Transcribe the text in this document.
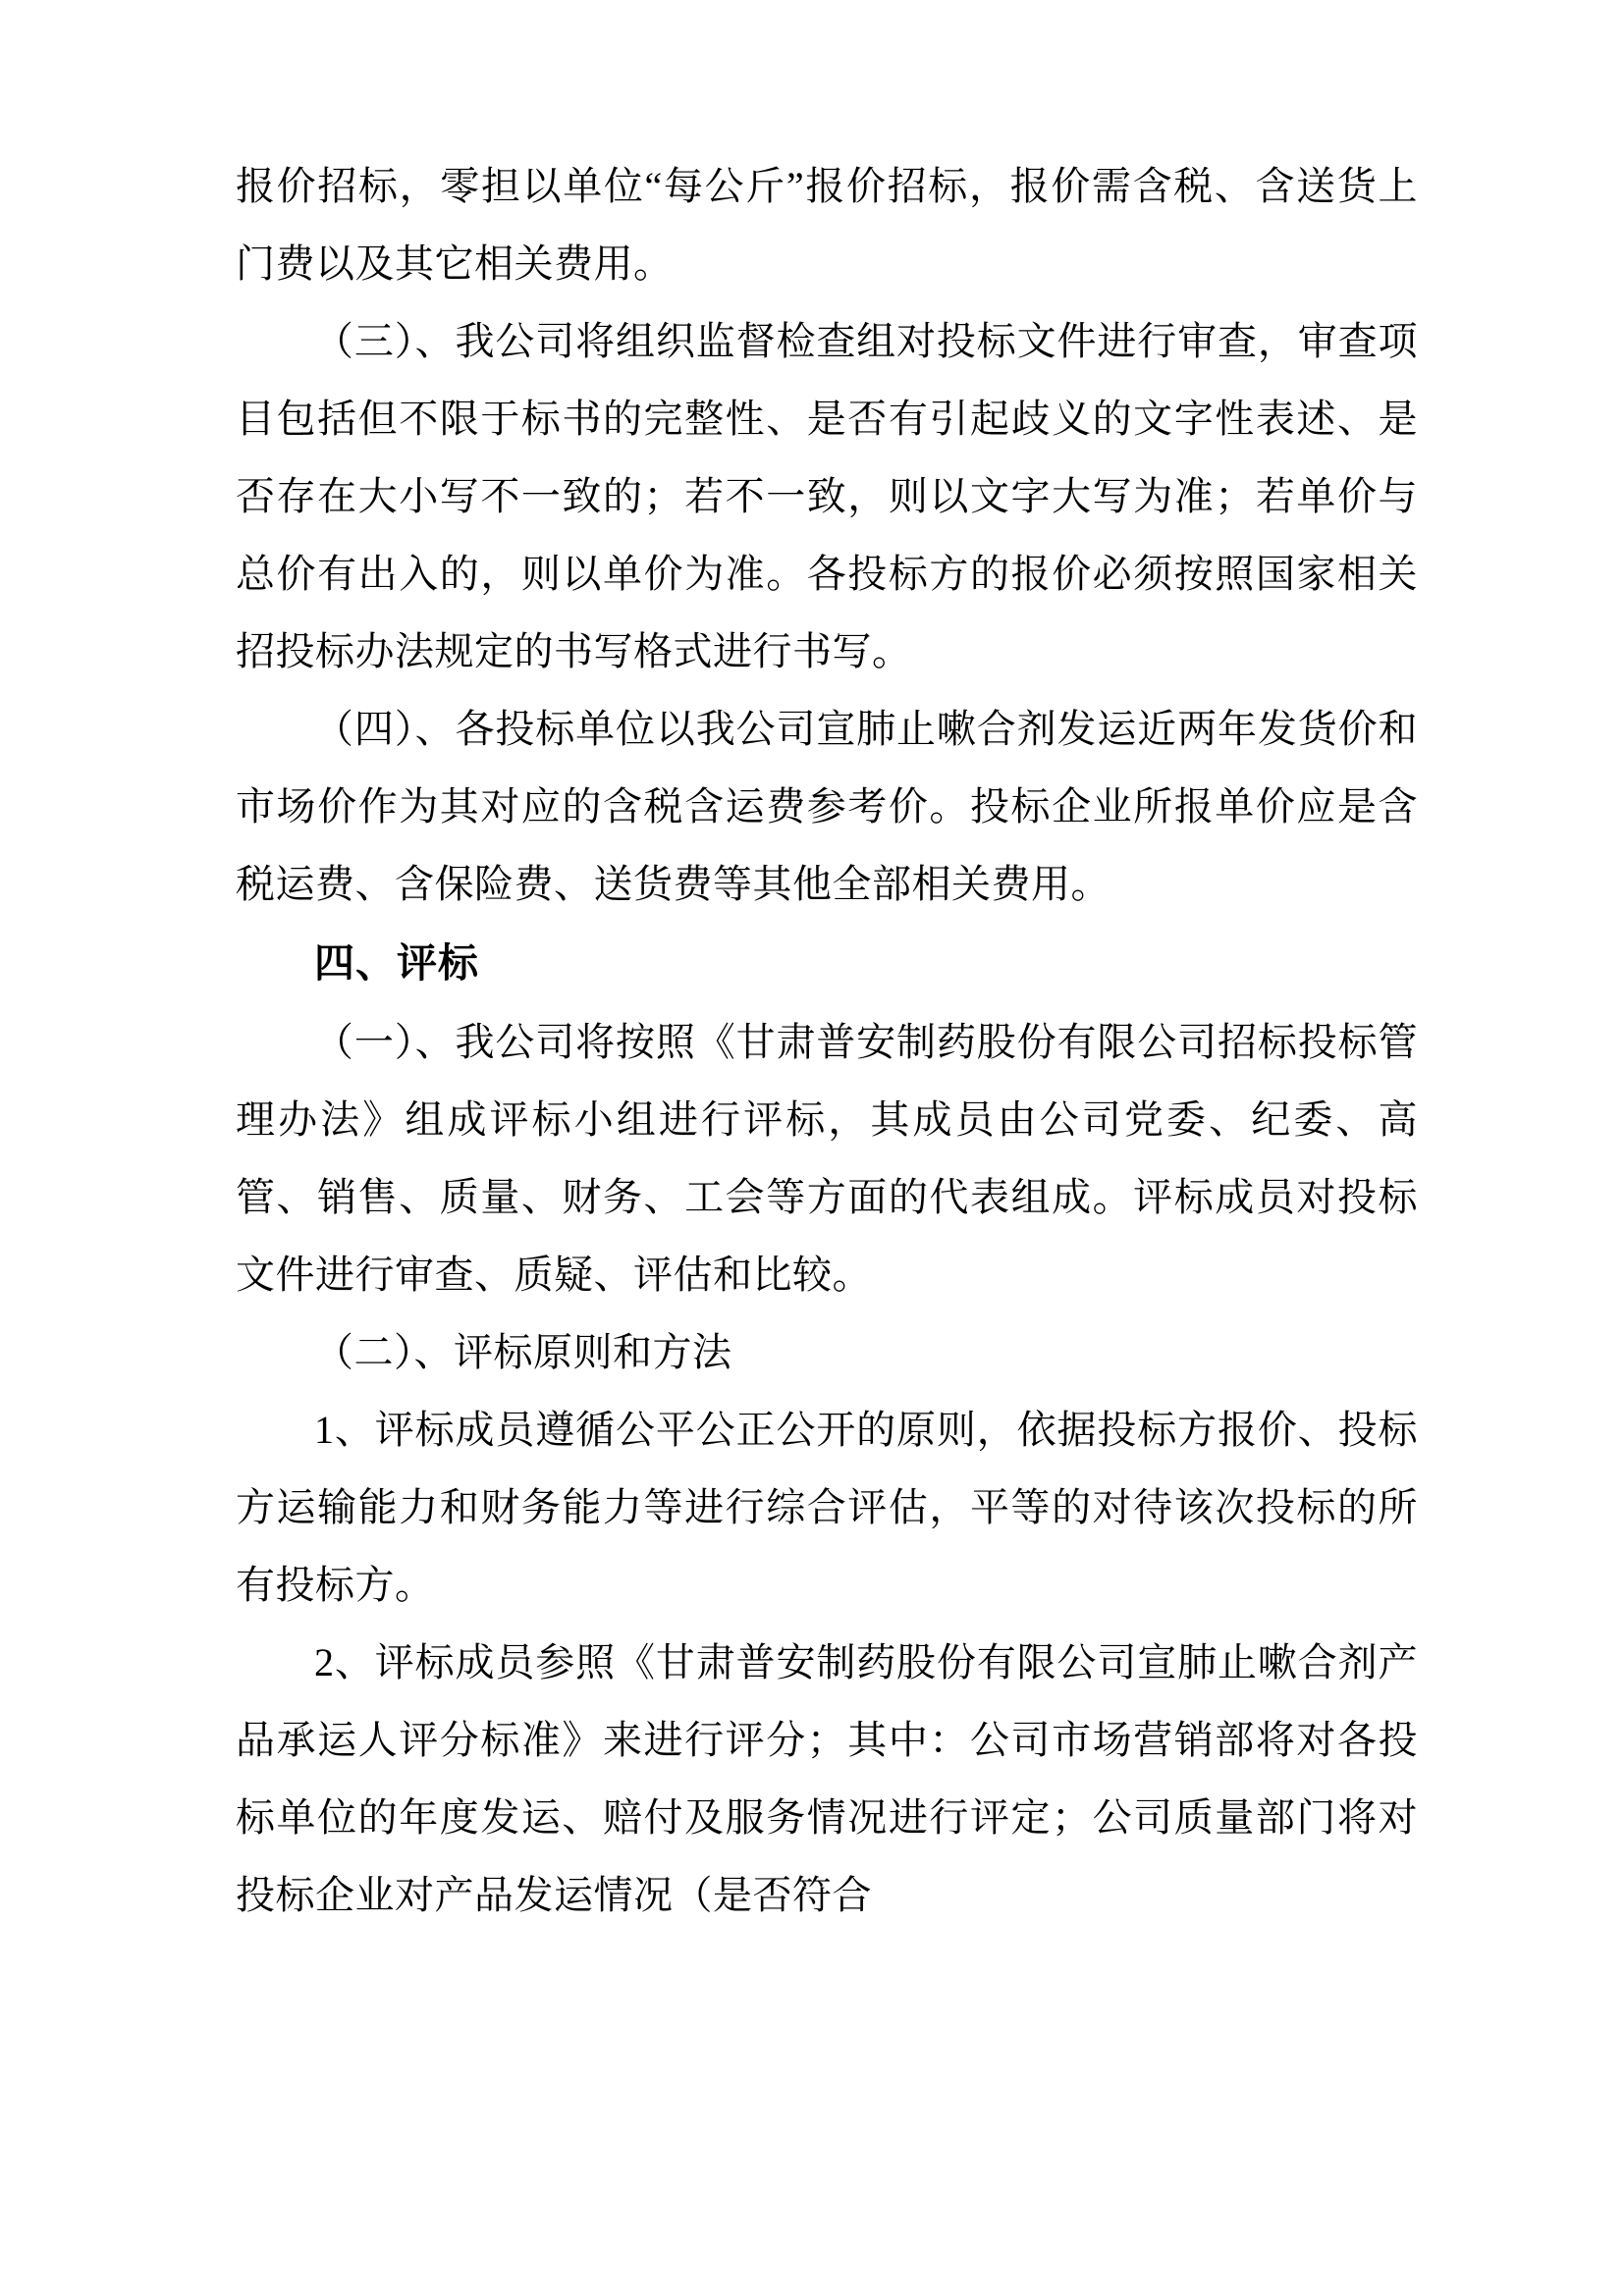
报价招标，零担以单位“每公斤”报价招标，报价需含税、含送货上门费以及其它相关费用。

（三）、我公司将组织监督检查组对投标文件进行审查，审查项目包括但不限于标书的完整性、是否有引起歧义的文字性表述、是否存在大小写不一致的；若不一致，则以文字大写为准；若单价与总价有出入的，则以单价为准。各投标方的报价必须按照国家相关招投标办法规定的书写格式进行书写。

（四）、各投标单位以我公司宣肺止嗽合剂发运近两年发货价和市场价作为其对应的含税含运费参考价。投标企业所报单价应是含税运费、含保险费、送货费等其他全部相关费用。

四、评标

（一）、我公司将按照《甘肃普安制药股份有限公司招标投标管理办法》组成评标小组进行评标，其成员由公司党委、纪委、高管、销售、质量、财务、工会等方面的代表组成。评标成员对投标文件进行审查、质疑、评估和比较。

（二）、评标原则和方法

1、评标成员遵循公平公正公开的原则，依据投标方报价、投标方运输能力和财务能力等进行综合评估，平等的对待该次投标的所有投标方。

2、评标成员参照《甘肃普安制药股份有限公司宣肺止嗽合剂产品承运人评分标准》来进行评分；其中：公司市场营销部将对各投标单位的年度发运、赔付及服务情况进行评定；公司质量部门将对投标企业对产品发运情况（是否符合
